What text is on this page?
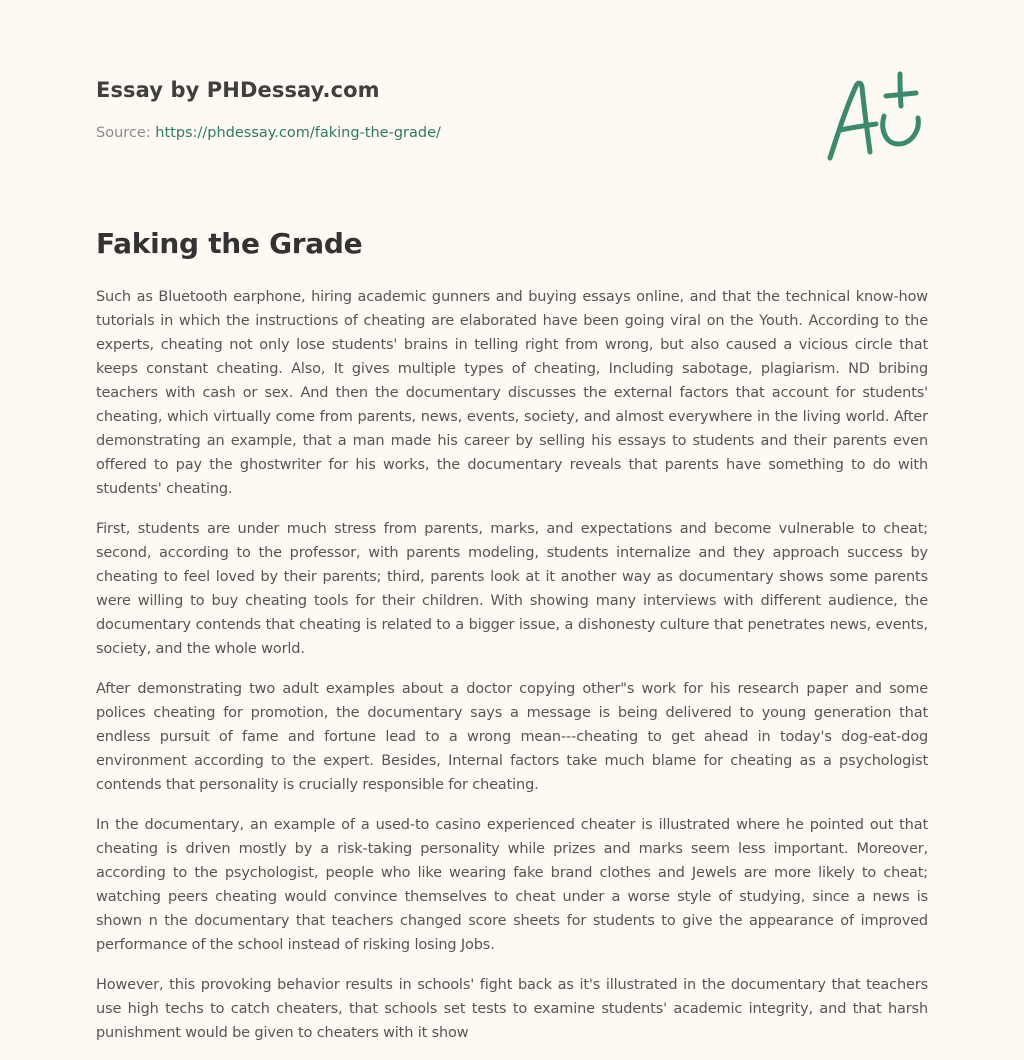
Essay by PHDessay.com

Source: https://phdessay.com/faking-the-grade/

Faking the Grade

Such as Bluetooth earphone, hiring academic gunners and buying essays online, and that the technical know-how tutorials in which the instructions of cheating are elaborated have been going viral on the Youth. According to the experts, cheating not only lose students' brains in telling right from wrong, but also caused a vicious circle that keeps constant cheating. Also, It gives multiple types of cheating, Including sabotage, plagiarism. ND bribing teachers with cash or sex. And then the documentary discusses the external factors that account for students' cheating, which virtually come from parents, news, events, society, and almost everywhere in the living world. After demonstrating an example, that a man made his career by selling his essays to students and their parents even offered to pay the ghostwriter for his works, the documentary reveals that parents have something to do with students' cheating.

First, students are under much stress from parents, marks, and expectations and become vulnerable to cheat; second, according to the professor, with parents modeling, students internalize and they approach success by cheating to feel loved by their parents; third, parents look at it another way as documentary shows some parents were willing to buy cheating tools for their children. With showing many interviews with different audience, the documentary contends that cheating is related to a bigger issue, a dishonesty culture that penetrates news, events, society, and the whole world.

After demonstrating two adult examples about a doctor copying other"s work for his research paper and some polices cheating for promotion, the documentary says a message is being delivered to young generation that endless pursuit of fame and fortune lead to a wrong mean---cheating to get ahead in today's dog-eat-dog environment according to the expert. Besides, Internal factors take much blame for cheating as a psychologist contends that personality is crucially responsible for cheating.

In the documentary, an example of a used-to casino experienced cheater is illustrated where he pointed out that cheating is driven mostly by a risk-taking personality while prizes and marks seem less important. Moreover, according to the psychologist, people who like wearing fake brand clothes and Jewels are more likely to cheat; watching peers cheating would convince themselves to cheat under a worse style of studying, since a news is shown n the documentary that teachers changed score sheets for students to give the appearance of improved performance of the school instead of risking losing Jobs.

However, this provoking behavior results in schools' fight back as it's illustrated in the documentary that teachers use high techs to catch cheaters, that schools set tests to examine students' academic integrity, and that harsh punishment would be given to cheaters with it show
